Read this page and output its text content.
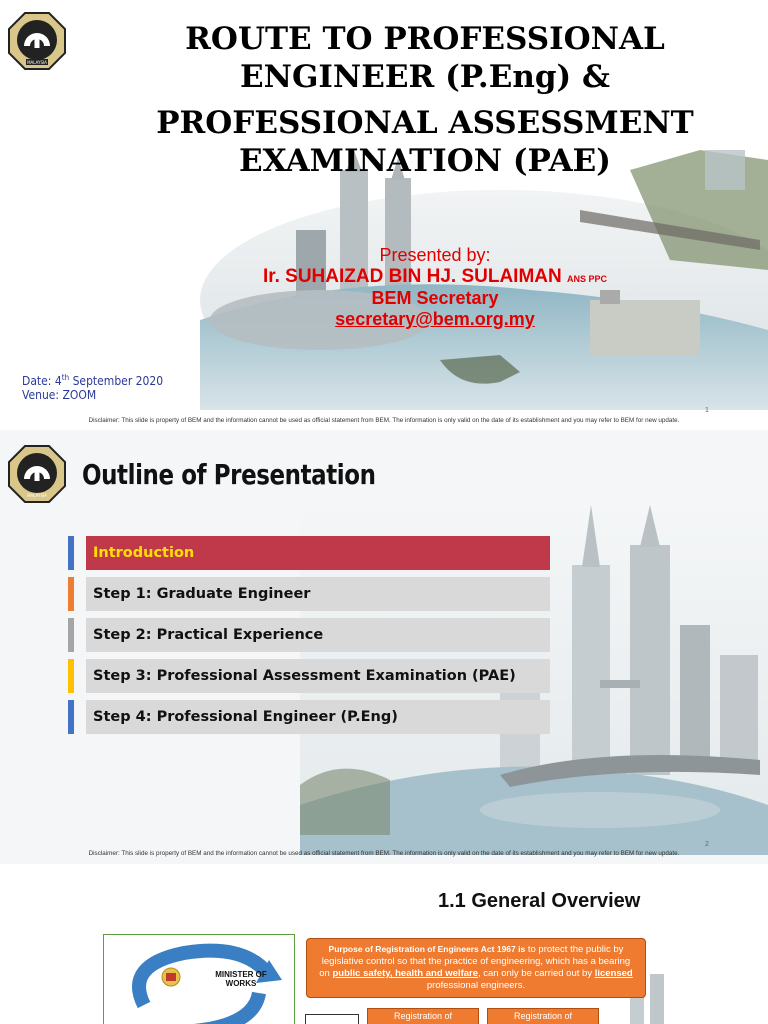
MALAYSIA
ROUTE TO PROFESSIONAL
ENGINEER (P.Eng) &
PROFESSIONAL ASSESSMENT
EXAMINATION (PAE)
Presented by:
Ir. SUHAIZAD BIN HJ. SULAIMAN ANS PPC
BEM Secretary
secretary@bem.org.my
Date: 4th September 2020
Venue: ZOOM
1
Disclaimer: This slide is property of BEM and the information cannot be used as official statement from BEM. The information is only valid on the date of its establishment and you may refer to BEM for new update.
MALAYSIA
Outline of Presentation
Introduction
Step 1: Graduate Engineer
Step 2: Practical Experience
Step 3: Professional Assessment Examination (PAE)
Step 4: Professional Engineer (P.Eng)
2
Disclaimer: This slide is property of BEM and the information cannot be used as official statement from BEM. The information is only valid on the date of its establishment and you may refer to BEM for new update.
1.1 General Overview
MINISTER OF WORKS
Purpose of Registration of Engineers Act 1967 is to protect the public by legislative control so that the practice of engineering, which has a bearing on public safety, health and welfare, can only be carried out by licensed professional engineers.
Registration of	Registration of
